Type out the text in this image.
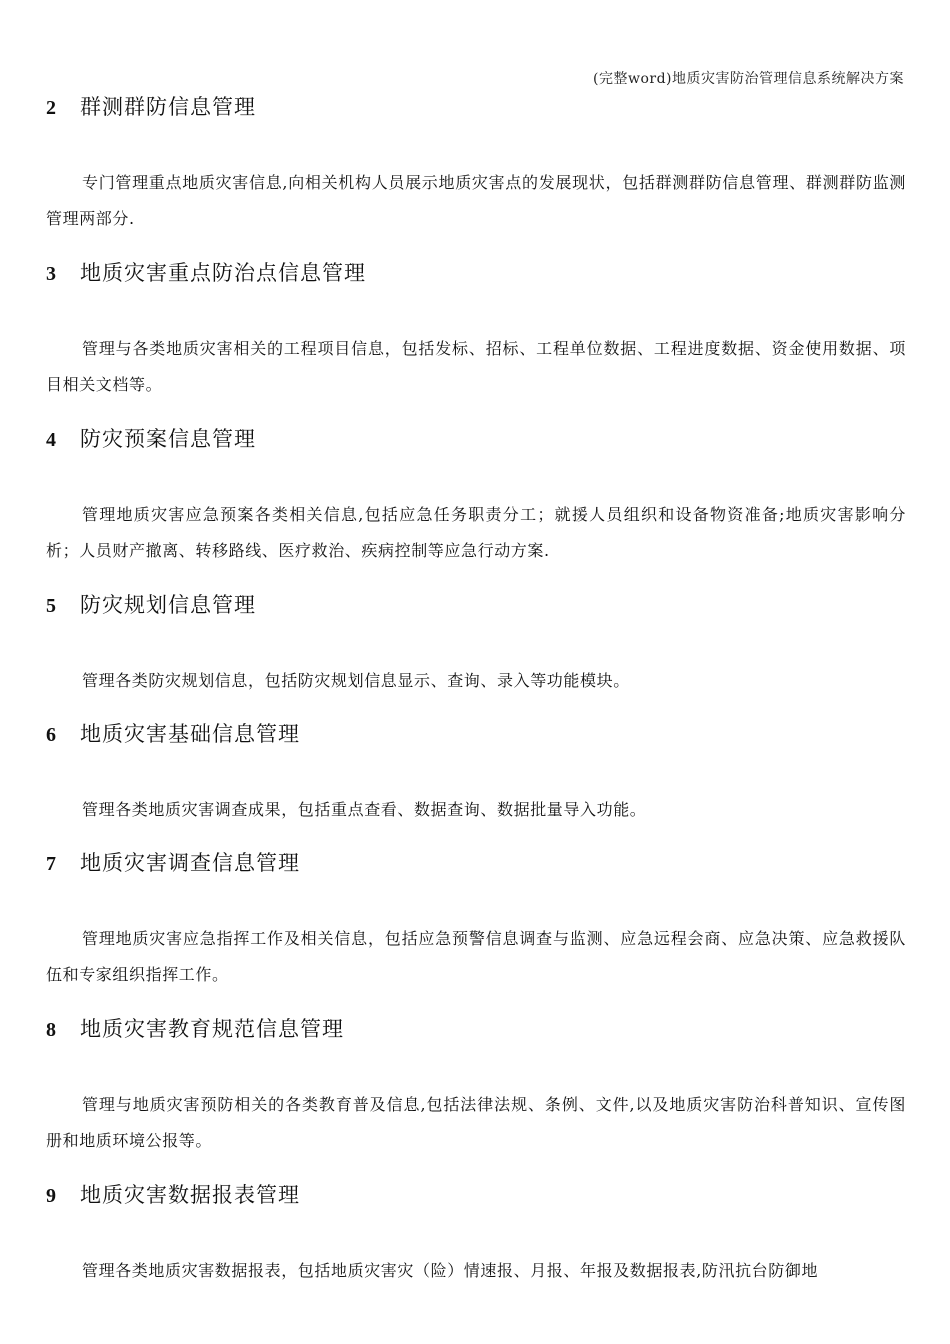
(完整word)地质灾害防治管理信息系统解决方案
2	群测群防信息管理
专门管理重点地质灾害信息,向相关机构人员展示地质灾害点的发展现状，包括群测群防信息管理、群测群防监测管理两部分.
3	地质灾害重点防治点信息管理
管理与各类地质灾害相关的工程项目信息，包括发标、招标、工程单位数据、工程进度数据、资金使用数据、项目相关文档等。
4	防灾预案信息管理
管理地质灾害应急预案各类相关信息,包括应急任务职责分工；就援人员组织和设备物资准备;地质灾害影响分析；人员财产撤离、转移路线、医疗救治、疾病控制等应急行动方案.
5	防灾规划信息管理
管理各类防灾规划信息，包括防灾规划信息显示、查询、录入等功能模块。
6	地质灾害基础信息管理
管理各类地质灾害调查成果，包括重点查看、数据查询、数据批量导入功能。
7	地质灾害调查信息管理
管理地质灾害应急指挥工作及相关信息，包括应急预警信息调查与监测、应急远程会商、应急决策、应急救援队伍和专家组织指挥工作。
8	地质灾害教育规范信息管理
管理与地质灾害预防相关的各类教育普及信息,包括法律法规、条例、文件,以及地质灾害防治科普知识、宣传图册和地质环境公报等。
9	地质灾害数据报表管理
管理各类地质灾害数据报表，包括地质灾害灾（险）情速报、月报、年报及数据报表,防汛抗台防御地
